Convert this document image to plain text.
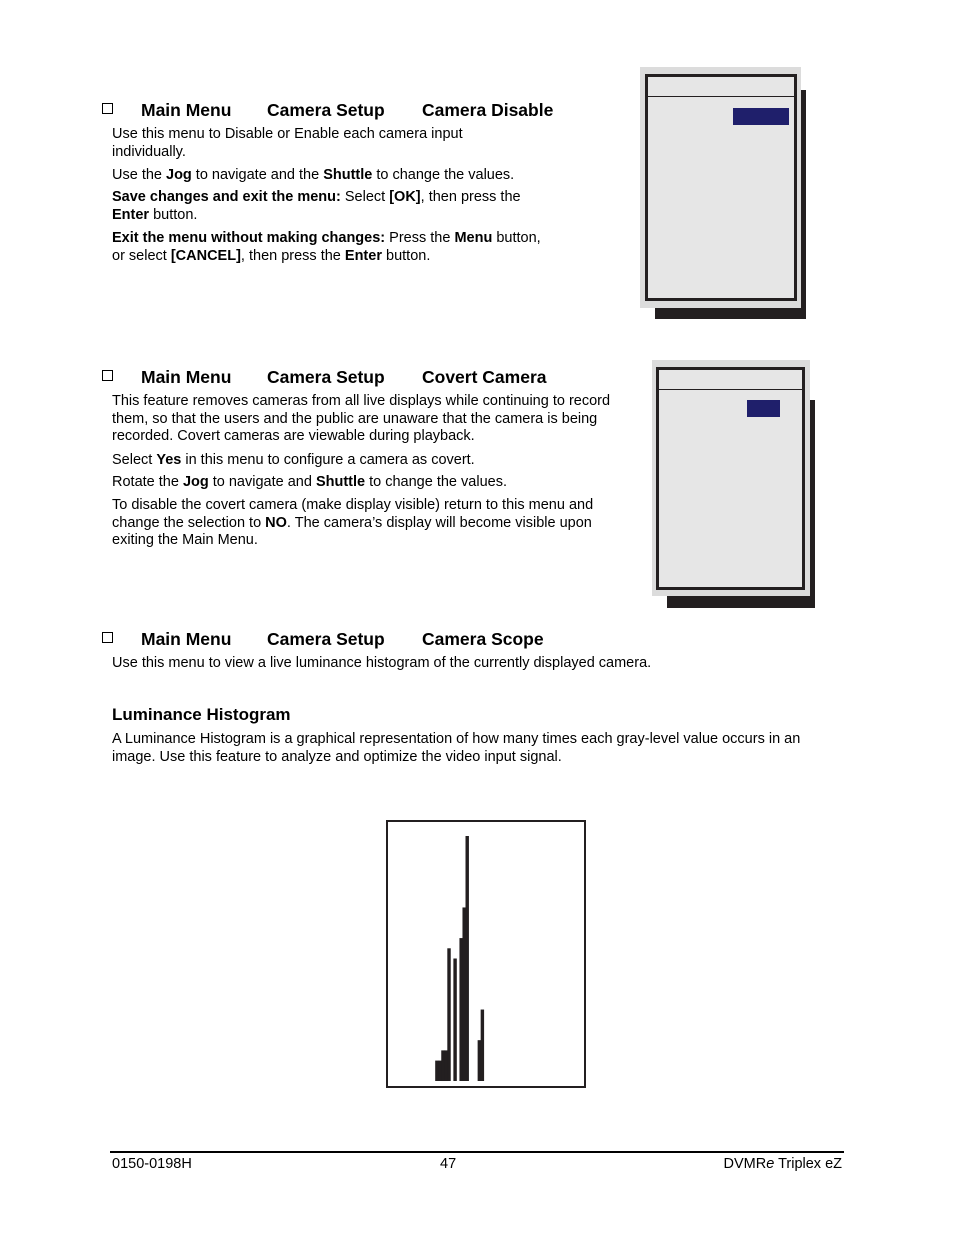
Main Menu Camera Setup Camera Disable
Use this menu to Disable or Enable each camera input individually.
Use the Jog to navigate and the Shuttle to change the values.
Save changes and exit the menu: Select [OK], then press the Enter button.
Exit the menu without making changes: Press the Menu button, or select [CANCEL], then press the Enter button.
Main Menu Camera Setup Covert Camera
This feature removes cameras from all live displays while continuing to record them, so that the users and the public are unaware that the camera is being recorded. Covert cameras are viewable during playback.
Select Yes in this menu to configure a camera as covert.
Rotate the Jog to navigate and Shuttle to change the values.
To disable the covert camera (make display visible) return to this menu and change the selection to NO. The camera’s display will become visible upon exiting the Main Menu.
Main Menu Camera Setup Camera Scope
Use this menu to view a live luminance histogram of the currently displayed camera.
Luminance Histogram
A Luminance Histogram is a graphical representation of how many times each gray-level value occurs in an image. Use this feature to analyze and optimize the video input signal.
0150-0198H	47	DVMRe Triplex eZ
